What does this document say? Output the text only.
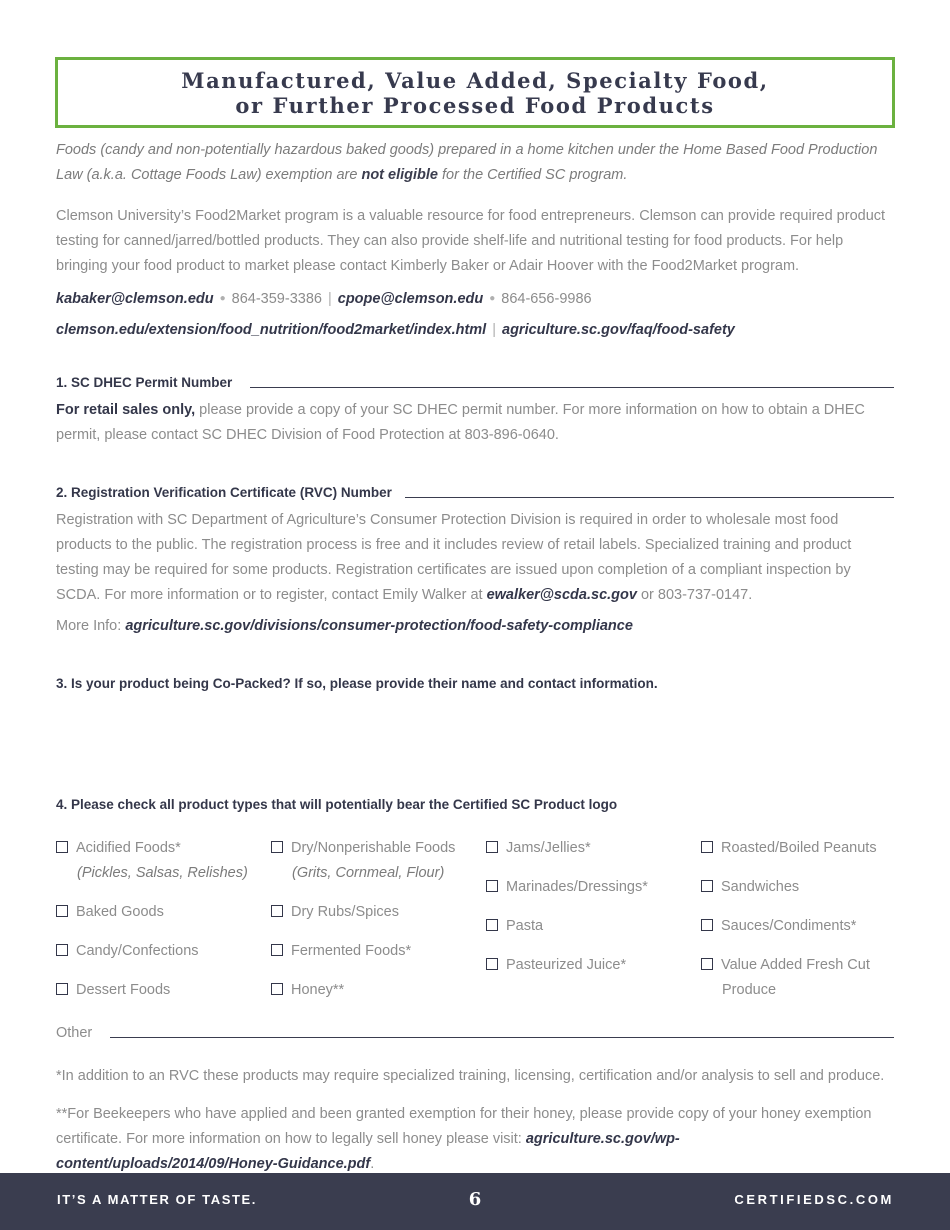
Manufactured, Value Added, Specialty Food,
or Further Processed Food Products
Foods (candy and non-potentially hazardous baked goods) prepared in a home kitchen under the Home Based Food Production Law (a.k.a. Cottage Foods Law) exemption are not eligible for the Certified SC program.
Clemson University’s Food2Market program is a valuable resource for food entrepreneurs. Clemson can provide required product testing for canned/jarred/bottled products. They can also provide shelf-life and nutritional testing for food products. For help bringing your food product to market please contact Kimberly Baker or Adair Hoover with the Food2Market program.
kabaker@clemson.edu ● 864-359-3386 | cpope@clemson.edu ● 864-656-9986
clemson.edu/extension/food_nutrition/food2market/index.html | agriculture.sc.gov/faq/food-safety
1. SC DHEC Permit Number
For retail sales only, please provide a copy of your SC DHEC permit number. For more information on how to obtain a DHEC permit, please contact SC DHEC Division of Food Protection at 803-896-0640.
2. Registration Verification Certificate (RVC) Number
Registration with SC Department of Agriculture’s Consumer Protection Division is required in order to wholesale most food products to the public. The registration process is free and it includes review of retail labels. Specialized training and product testing may be required for some products. Registration certificates are issued upon completion of a compliant inspection by SCDA. For more information or to register, contact Emily Walker at ewalker@scda.sc.gov or 803-737-0147.
More Info: agriculture.sc.gov/divisions/consumer-protection/food-safety-compliance
3. Is your product being Co-Packed? If so, please provide their name and contact information.
4. Please check all product types that will potentially bear the Certified SC Product logo
Acidified Foods*
(Pickles, Salsas, Relishes)
Baked Goods
Candy/Confections
Dessert Foods
Dry/Nonperishable Foods
(Grits, Cornmeal, Flour)
Dry Rubs/Spices
Fermented Foods*
Honey**
Jams/Jellies*
Marinades/Dressings*
Pasta
Pasteurized Juice*
Roasted/Boiled Peanuts
Sandwiches
Sauces/Condiments*
Value Added Fresh Cut
Produce
Other
*In addition to an RVC these products may require specialized training, licensing, certification and/or analysis to sell and produce.
**For Beekeepers who have applied and been granted exemption for their honey, please provide copy of your honey exemption certificate. For more information on how to legally sell honey please visit: agriculture.sc.gov/wp-content/uploads/2014/09/Honey-Guidance.pdf.
IT’S A MATTER OF TASTE.	6	CERTIFIEDSC.COM
